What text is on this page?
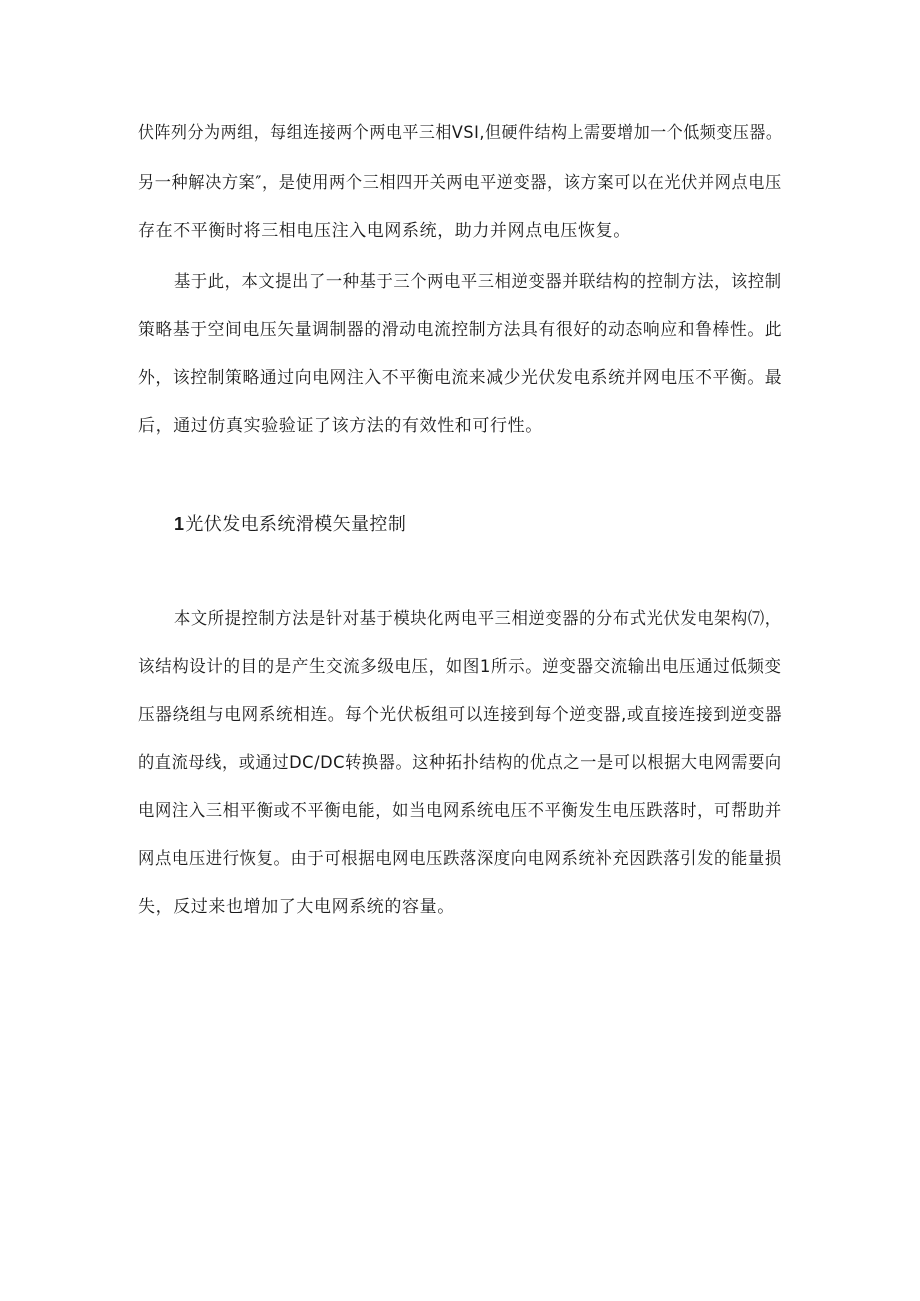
伏阵列分为两组，每组连接两个两电平三相VSI,但硬件结构上需要增加一个低频变压器。
另一种解决方案″，是使用两个三相四开关两电平逆变器，该方案可以在光伏并网点电压
存在不平衡时将三相电压注入电网系统，助力并网点电压恢复。
基于此，本文提出了一种基于三个两电平三相逆变器并联结构的控制方法，该控制
策略基于空间电压矢量调制器的滑动电流控制方法具有很好的动态响应和鲁棒性。此
外，该控制策略通过向电网注入不平衡电流来减少光伏发电系统并网电压不平衡。最
后，通过仿真实验验证了该方法的有效性和可行性。
1光伏发电系统滑模矢量控制
本文所提控制方法是针对基于模块化两电平三相逆变器的分布式光伏发电架构⑺，
该结构设计的目的是产生交流多级电压，如图1所示。逆变器交流输出电压通过低频变
压器绕组与电网系统相连。每个光伏板组可以连接到每个逆变器,或直接连接到逆变器
的直流母线，或通过DC/DC转换器。这种拓扑结构的优点之一是可以根据大电网需要向
电网注入三相平衡或不平衡电能，如当电网系统电压不平衡发生电压跌落时，可帮助并
网点电压进行恢复。由于可根据电网电压跌落深度向电网系统补充因跌落引发的能量损
失，反过来也增加了大电网系统的容量。
